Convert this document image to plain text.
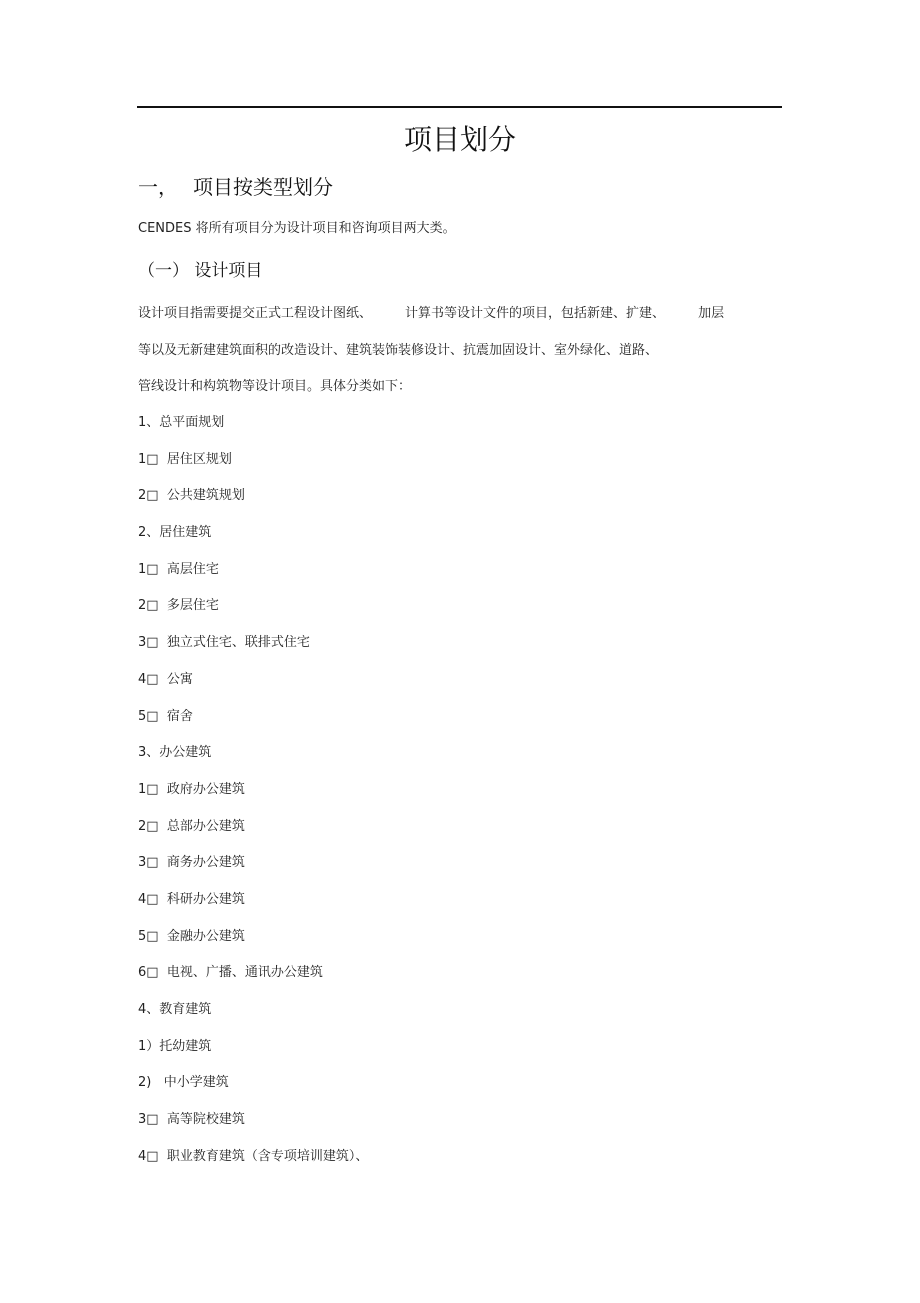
项目划分
一， 项目按类型划分
CENDES 将所有项目分为设计项目和咨询项目两大类。
（一） 设计项目
设计项目指需要提交正式工程设计图纸、        计算书等设计文件的项目，包括新建、扩建、        加层
等以及无新建建筑面积的改造设计、建筑装饰装修设计、抗震加固设计、室外绿化、道路、
管线设计和构筑物等设计项目。具体分类如下：
1、总平面规划
1□  居住区规划
2□  公共建筑规划
2、居住建筑
1□  高层住宅
2□  多层住宅
3□  独立式住宅、联排式住宅
4□  公寓
5□  宿舍
3、办公建筑
1□  政府办公建筑
2□  总部办公建筑
3□  商务办公建筑
4□  科研办公建筑
5□  金融办公建筑
6□  电视、广播、通讯办公建筑
4、教育建筑
1）托幼建筑
2)   中小学建筑
3□  高等院校建筑
4□  职业教育建筑（含专项培训建筑）、
